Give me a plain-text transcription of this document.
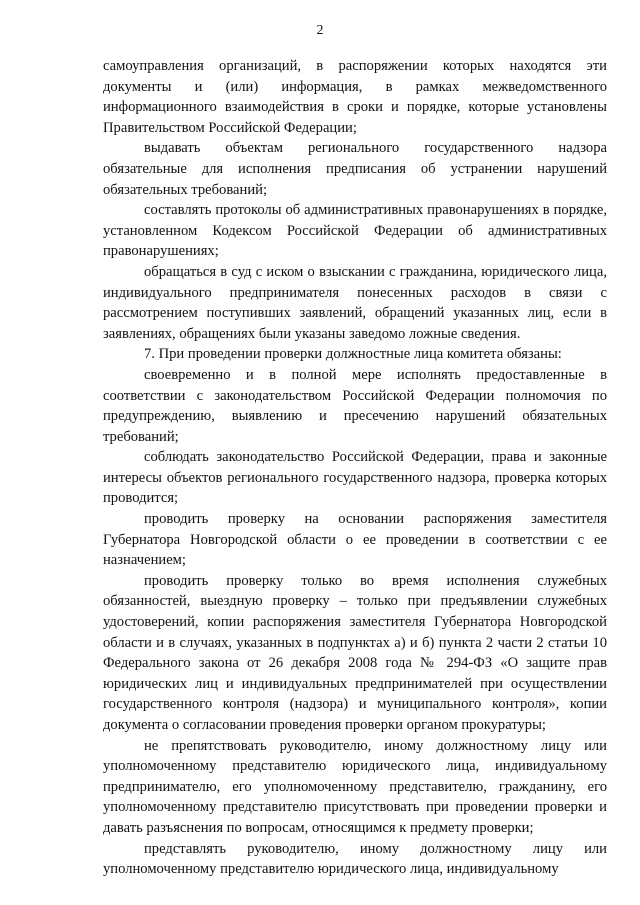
2

самоуправления организаций, в распоряжении которых находятся эти документы и (или) информация, в рамках межведомственного информационного взаимодействия в сроки и порядке, которые установлены Правительством Российской Федерации;

выдавать объектам регионального государственного надзора обязательные для исполнения предписания об устранении нарушений обязательных требований;

составлять протоколы об административных правонарушениях в порядке, установленном Кодексом Российской Федерации об административных правонарушениях;

обращаться в суд с иском о взыскании с гражданина, юридического лица, индивидуального предпринимателя понесенных расходов в связи с рассмотрением поступивших заявлений, обращений указанных лиц, если в заявлениях, обращениях были указаны заведомо ложные сведения.

7. При проведении проверки должностные лица комитета обязаны:

своевременно и в полной мере исполнять предоставленные в соответствии с законодательством Российской Федерации полномочия по предупреждению, выявлению и пресечению нарушений обязательных требований;

соблюдать законодательство Российской Федерации, права и законные интересы объектов регионального государственного надзора, проверка которых проводится;

проводить проверку на основании распоряжения заместителя Губернатора Новгородской области о ее проведении в соответствии с ее назначением;

проводить проверку только во время исполнения служебных обязанностей, выездную проверку – только при предъявлении служебных удостоверений, копии распоряжения заместителя Губернатора Новгородской области и в случаях, указанных в подпунктах а) и б) пункта 2 части 2 статьи 10 Федерального закона от 26 декабря 2008 года № 294-ФЗ «О защите прав юридических лиц и индивидуальных предпринимателей при осуществлении государственного контроля (надзора) и муниципального контроля», копии документа о согласовании проведения проверки органом прокуратуры;

не препятствовать руководителю, иному должностному лицу или уполномоченному представителю юридического лица, индивидуальному предпринимателю, его уполномоченному представителю, гражданину, его уполномоченному представителю присутствовать при проведении проверки и давать разъяснения по вопросам, относящимся к предмету проверки;

представлять руководителю, иному должностному лицу или уполномоченному представителю юридического лица, индивидуальному
